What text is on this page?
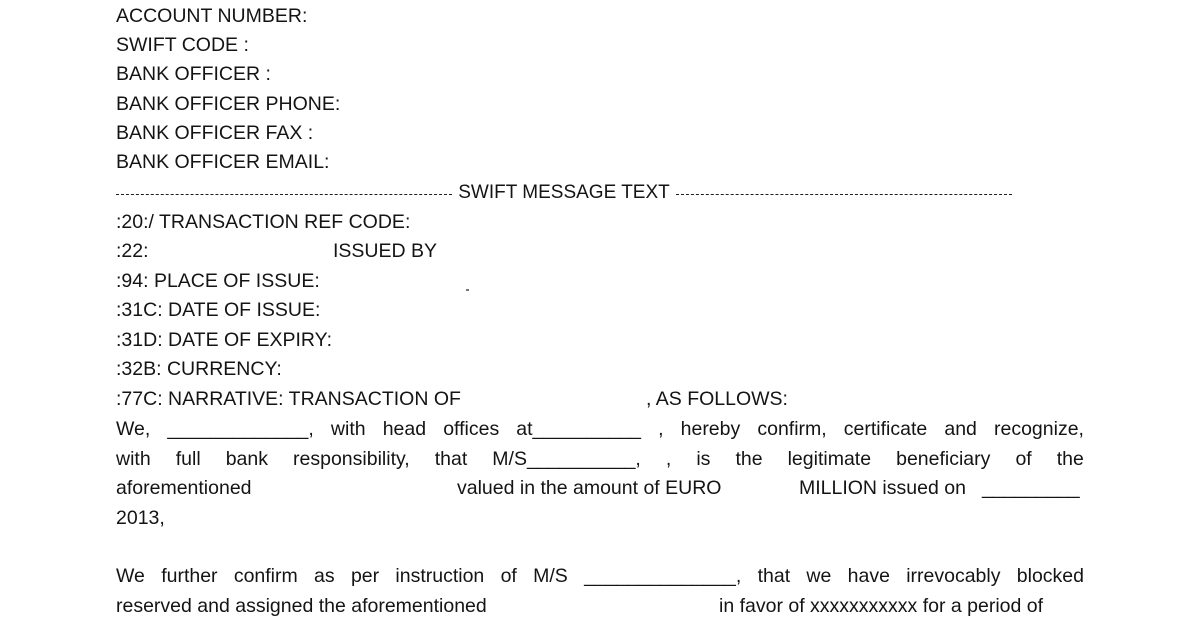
ACCOUNT NUMBER:
SWIFT CODE :
BANK OFFICER :
BANK OFFICER PHONE:
BANK OFFICER FAX :
BANK OFFICER EMAIL:
SWIFT MESSAGE TEXT
:20:/ TRANSACTION REF CODE:
:22:	ISSUED BY
:94: PLACE OF ISSUE:
:31C: DATE OF ISSUE:
:31D: DATE OF EXPIRY:
:32B: CURRENCY:
:77C: NARRATIVE: TRANSACTION OF	, AS FOLLOWS:
We, _____________, with head offices at__________ , hereby confirm, certificate and recognize,
with full bank responsibility, that M/S__________, , is the legitimate beneficiary of the
aforementioned	valued in the amount of EURO	MILLION issued on _________
2013,
We further confirm as per instruction of M/S ______________, that we have irrevocably blocked
reserved and assigned the aforementioned	in favor of xxxxxxxxxxx for a period of
